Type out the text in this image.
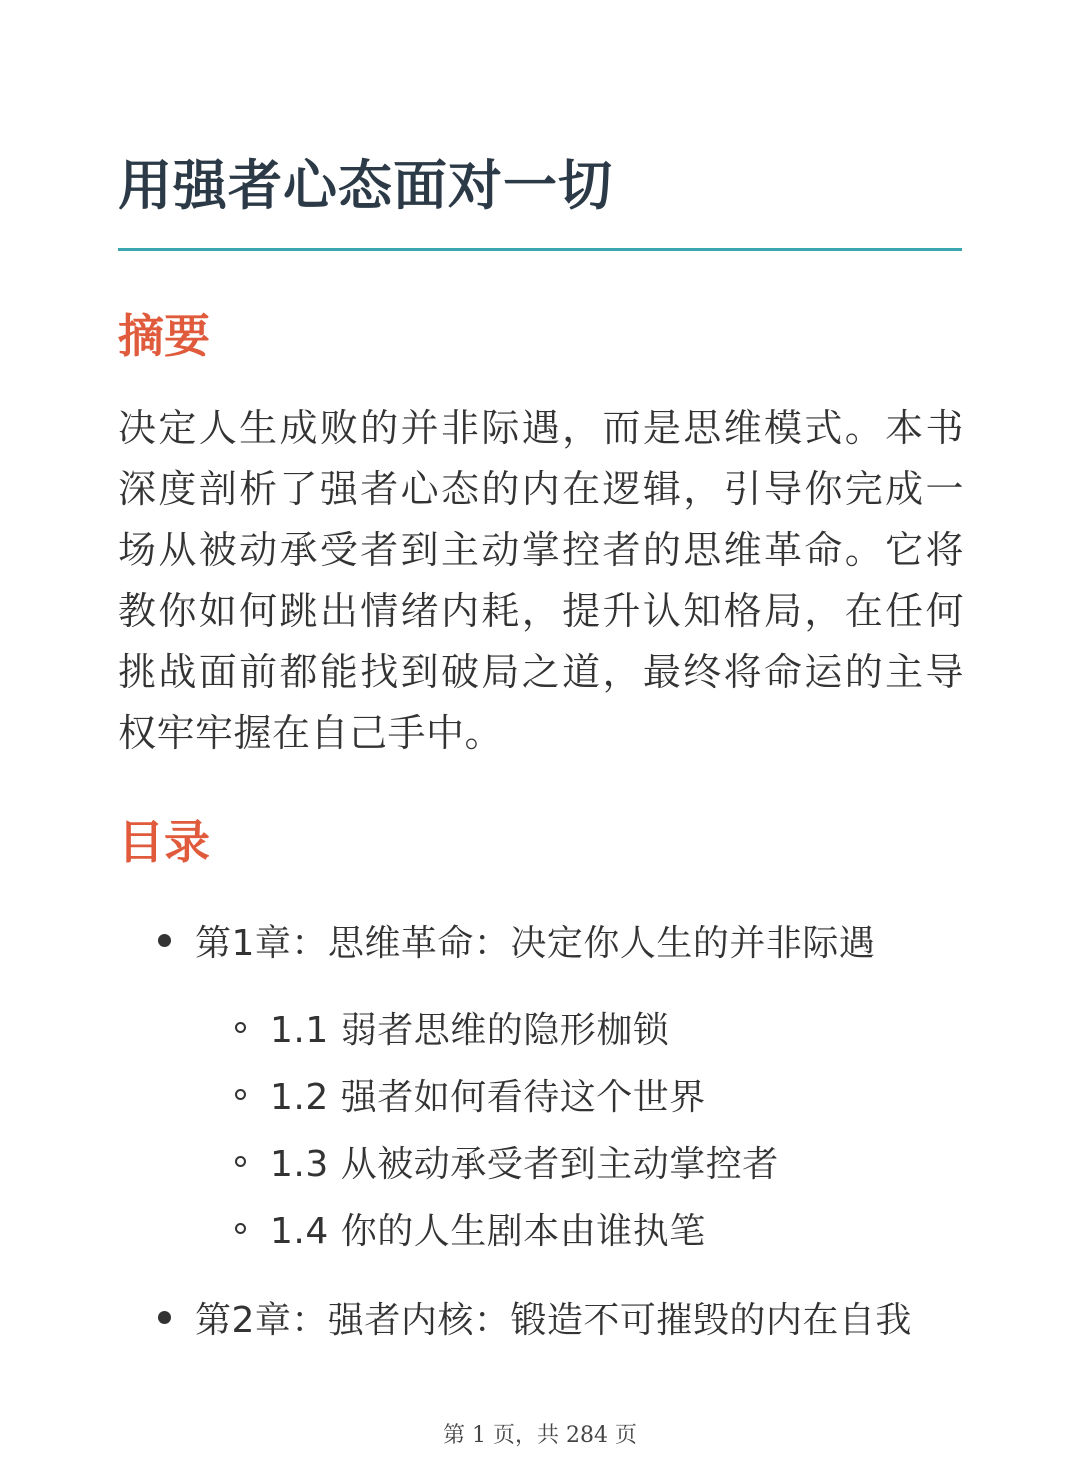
用强者心态面对一切
摘要

决定人生成败的并非际遇，而是思维模式。本书深度剖析了强者心态的内在逻辑，引导你完成一场从被动承受者到主动掌控者的思维革命。它将教你如何跳出情绪内耗，提升认知格局，在任何挑战面前都能找到破局之道，最终将命运的主导权牢牢握在自己手中。

目录
第1章：思维革命：决定你人生的并非际遇
1.1 弱者思维的隐形枷锁
1.2 强者如何看待这个世界
1.3 从被动承受者到主动掌控者
1.4 你的人生剧本由谁执笔
第2章：强者内核：锻造不可摧毁的内在自我
第 1 页，共 284 页
